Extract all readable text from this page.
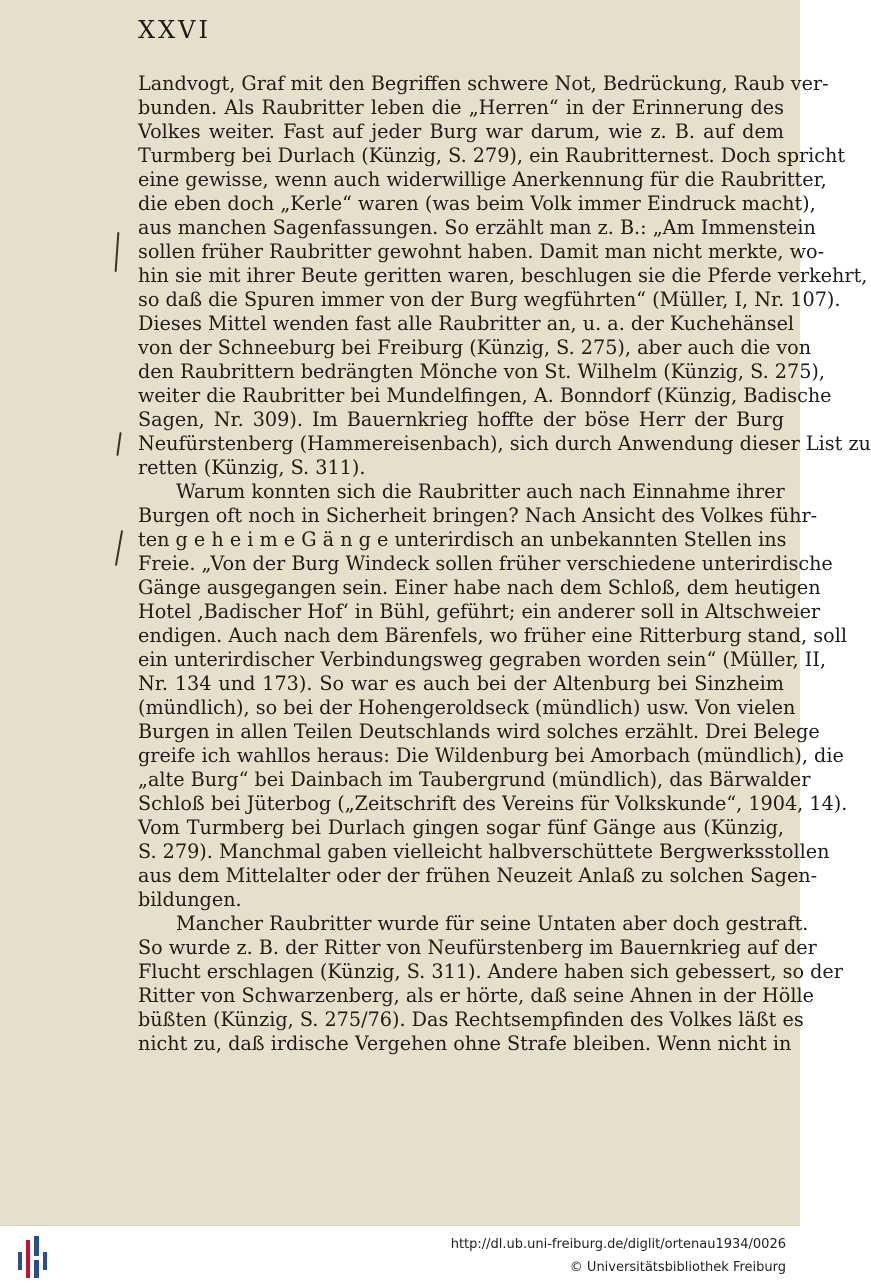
XXVI
Landvogt, Graf mit den Begriffen schwere Not, Bedrückung, Raub ver-
bunden. Als Raubritter leben die „Herren“ in der Erinnerung des
Volkes weiter. Fast auf jeder Burg war darum, wie z. B. auf dem
Turmberg bei Durlach (Künzig, S. 279), ein Raubritternest. Doch spricht
eine gewisse, wenn auch widerwillige Anerkennung für die Raubritter,
die eben doch „Kerle“ waren (was beim Volk immer Eindruck macht),
aus manchen Sagenfassungen. So erzählt man z. B.: „Am Immenstein
sollen früher Raubritter gewohnt haben. Damit man nicht merkte, wo-
hin sie mit ihrer Beute geritten waren, beschlugen sie die Pferde verkehrt,
so daß die Spuren immer von der Burg wegführten“ (Müller, I, Nr. 107).
Dieses Mittel wenden fast alle Raubritter an, u. a. der Kuchehänsel
von der Schneeburg bei Freiburg (Künzig, S. 275), aber auch die von
den Raubrittern bedrängten Mönche von St. Wilhelm (Künzig, S. 275),
weiter die Raubritter bei Mundelfingen, A. Bonndorf (Künzig, Badische
Sagen, Nr. 309). Im Bauernkrieg hoffte der böse Herr der Burg
Neufürstenberg (Hammereisenbach), sich durch Anwendung dieser List zu
retten (Künzig, S. 311).
Warum konnten sich die Raubritter auch nach Einnahme ihrer
Burgen oft noch in Sicherheit bringen? Nach Ansicht des Volkes führ-
ten g e h e i m e G ä n g e unterirdisch an unbekannten Stellen ins
Freie. „Von der Burg Windeck sollen früher verschiedene unterirdische
Gänge ausgegangen sein. Einer habe nach dem Schloß, dem heutigen
Hotel ‚Badischer Hof‘ in Bühl, geführt; ein anderer soll in Altschweier
endigen. Auch nach dem Bärenfels, wo früher eine Ritterburg stand, soll
ein unterirdischer Verbindungsweg gegraben worden sein“ (Müller, II,
Nr. 134 und 173). So war es auch bei der Altenburg bei Sinzheim
(mündlich), so bei der Hohengeroldseck (mündlich) usw. Von vielen
Burgen in allen Teilen Deutschlands wird solches erzählt. Drei Belege
greife ich wahllos heraus: Die Wildenburg bei Amorbach (mündlich), die
„alte Burg“ bei Dainbach im Taubergrund (mündlich), das Bärwalder
Schloß bei Jüterbog („Zeitschrift des Vereins für Volkskunde“, 1904, 14).
Vom Turmberg bei Durlach gingen sogar fünf Gänge aus (Künzig,
S. 279). Manchmal gaben vielleicht halbverschüttete Bergwerksstollen
aus dem Mittelalter oder der frühen Neuzeit Anlaß zu solchen Sagen-
bildungen.
Mancher Raubritter wurde für seine Untaten aber doch gestraft.
So wurde z. B. der Ritter von Neufürstenberg im Bauernkrieg auf der
Flucht erschlagen (Künzig, S. 311). Andere haben sich gebessert, so der
Ritter von Schwarzenberg, als er hörte, daß seine Ahnen in der Hölle
büßten (Künzig, S. 275/76). Das Rechtsempfinden des Volkes läßt es
nicht zu, daß irdische Vergehen ohne Strafe bleiben. Wenn nicht in
http://dl.ub.uni-freiburg.de/diglit/ortenau1934/0026
© Universitätsbibliothek Freiburg
